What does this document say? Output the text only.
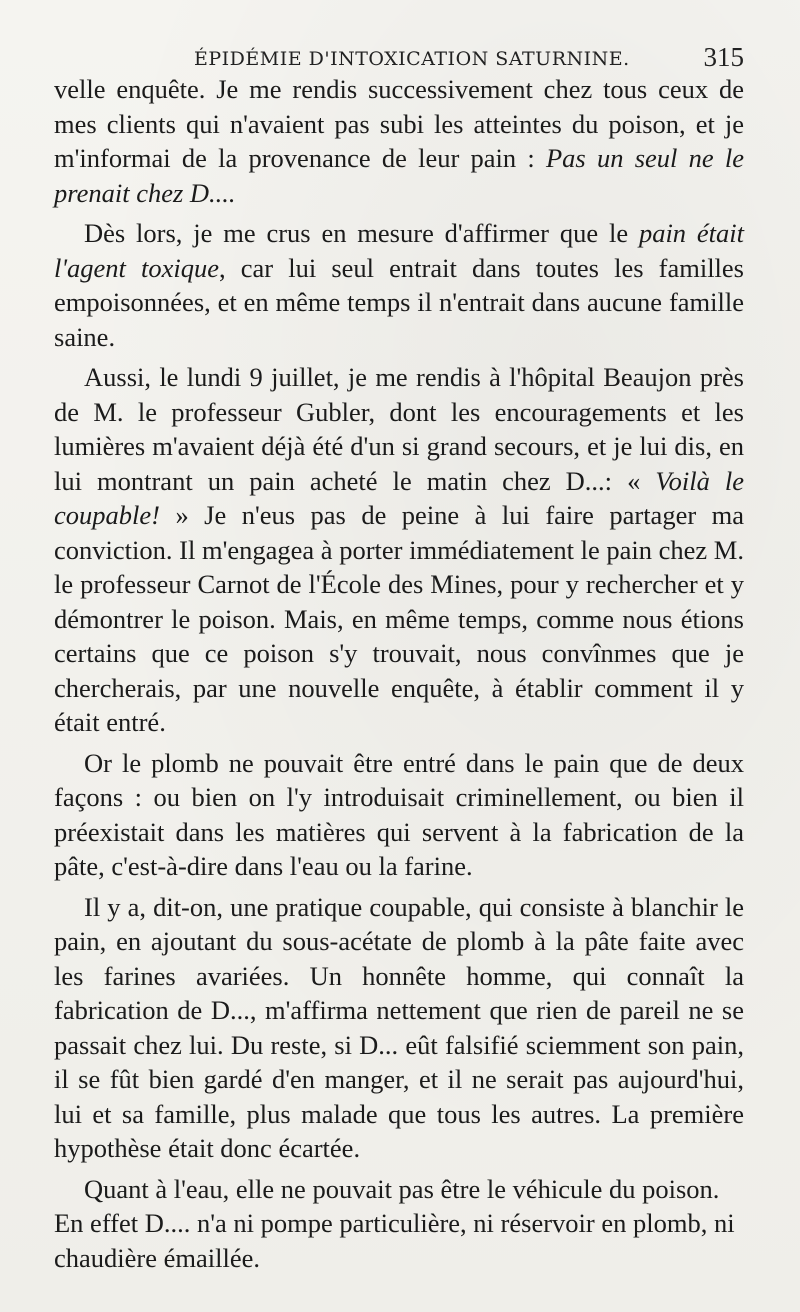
ÉPIDÉMIE D'INTOXICATION SATURNINE.	315

velle enquête. Je me rendis successivement chez tous ceux de mes clients qui n'avaient pas subi les atteintes du poison, et je m'informai de la provenance de leur pain : Pas un seul ne le prenait chez D....

Dès lors, je me crus en mesure d'affirmer que le pain était l'agent toxique, car lui seul entrait dans toutes les familles empoisonnées, et en même temps il n'entrait dans aucune famille saine.

Aussi, le lundi 9 juillet, je me rendis à l'hôpital Beaujon près de M. le professeur Gubler, dont les encouragements et les lumières m'avaient déjà été d'un si grand secours, et je lui dis, en lui montrant un pain acheté le matin chez D...: « Voilà le coupable! » Je n'eus pas de peine à lui faire partager ma conviction. Il m'engagea à porter immédiatement le pain chez M. le professeur Carnot de l'École des Mines, pour y rechercher et y démontrer le poison. Mais, en même temps, comme nous étions certains que ce poison s'y trouvait, nous convînmes que je chercherais, par une nouvelle enquête, à établir comment il y était entré.

Or le plomb ne pouvait être entré dans le pain que de deux façons : ou bien on l'y introduisait criminellement, ou bien il préexistait dans les matières qui servent à la fabrication de la pâte, c'est-à-dire dans l'eau ou la farine.

Il y a, dit-on, une pratique coupable, qui consiste à blanchir le pain, en ajoutant du sous-acétate de plomb à la pâte faite avec les farines avariées. Un honnête homme, qui connaît la fabrication de D..., m'affirma nettement que rien de pareil ne se passait chez lui. Du reste, si D... eût falsifié sciemment son pain, il se fût bien gardé d'en manger, et il ne serait pas aujourd'hui, lui et sa famille, plus malade que tous les autres. La première hypothèse était donc écartée.

Quant à l'eau, elle ne pouvait pas être le véhicule du poison. En effet D.... n'a ni pompe particulière, ni réservoir en plomb, ni chaudière émaillée.
